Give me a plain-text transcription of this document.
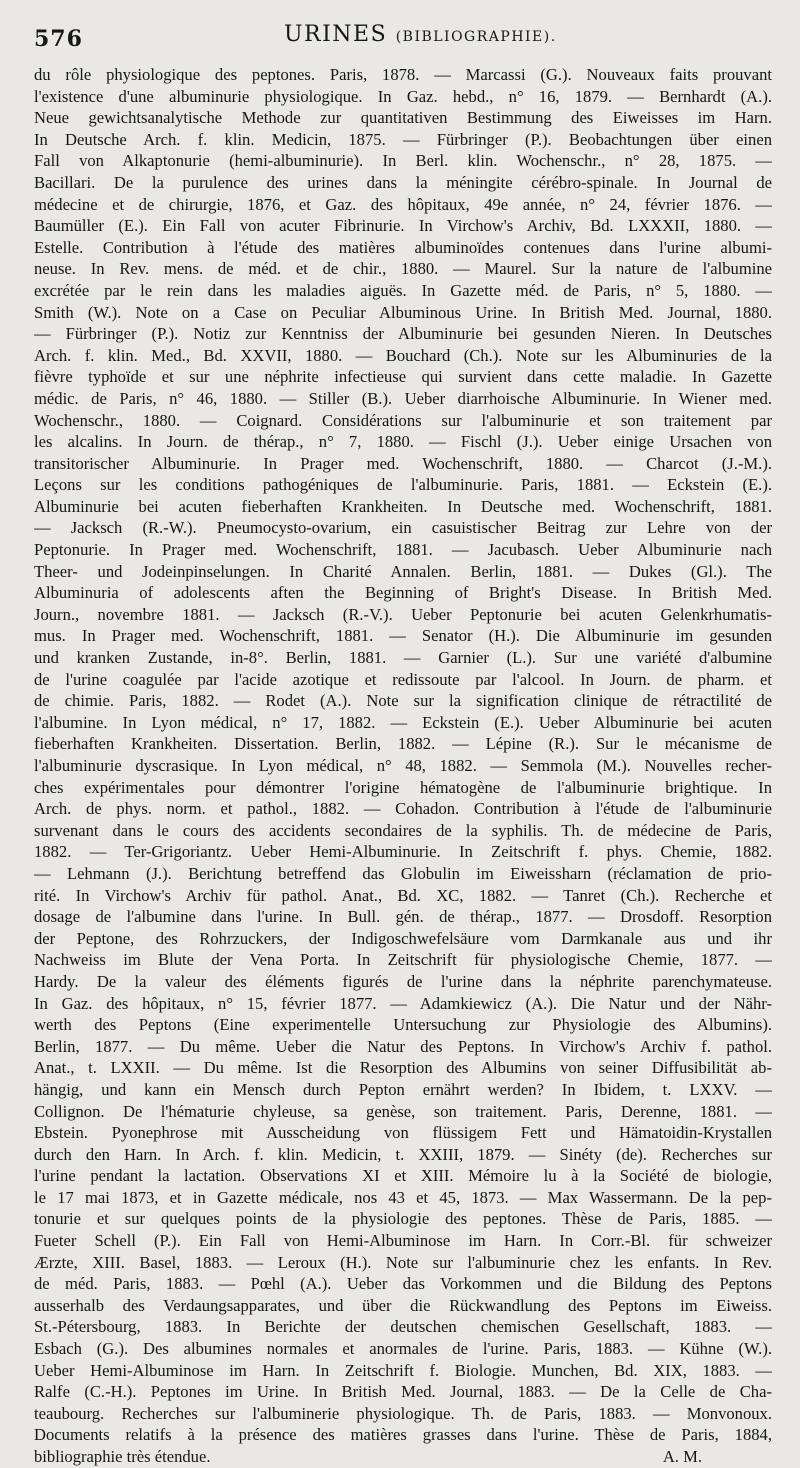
576	URINES (BIBLIOGRAPHIE).
du rôle physiologique des peptones. Paris, 1878. — Marcassi (G.). Nouveaux faits prouvant
l'existence d'une albuminurie physiologique. In Gaz. hebd., n° 16, 1879. — Bernhardt (A.).
Neue gewichtsanalytische Methode zur quantitativen Bestimmung des Eiweisses im Harn.
In Deutsche Arch. f. klin. Medicin, 1875. — Fürbringer (P.). Beobachtungen über einen
Fall von Alkaptonurie (hemi-albuminurie). In Berl. klin. Wochenschr., n° 28, 1875. —
Bacillari. De la purulence des urines dans la méningite cérébro-spinale. In Journal de
médecine et de chirurgie, 1876, et Gaz. des hôpitaux, 49e année, n° 24, février 1876. —
Baumüller (E.). Ein Fall von acuter Fibrinurie. In Virchow's Archiv, Bd. LXXXII, 1880. —
Estelle. Contribution à l'étude des matières albuminoïdes contenues dans l'urine albumi-
neuse. In Rev. mens. de méd. et de chir., 1880. — Maurel. Sur la nature de l'albumine
excrétée par le rein dans les maladies aiguës. In Gazette méd. de Paris, n° 5, 1880. —
Smith (W.). Note on a Case on Peculiar Albuminous Urine. In British Med. Journal, 1880.
— Fürbringer (P.). Notiz zur Kenntniss der Albuminurie bei gesunden Nieren. In Deutsches
Arch. f. klin. Med., Bd. XXVII, 1880. — Bouchard (Ch.). Note sur les Albuminuries de la
fièvre typhoïde et sur une néphrite infectieuse qui survient dans cette maladie. In Gazette
médic. de Paris, n° 46, 1880. — Stiller (B.). Ueber diarrhoische Albuminurie. In Wiener med.
Wochenschr., 1880. — Coignard. Considérations sur l'albuminurie et son traitement par
les alcalins. In Journ. de thérap., n° 7, 1880. — Fischl (J.). Ueber einige Ursachen von
transitorischer Albuminurie. In Prager med. Wochenschrift, 1880. — Charcot (J.-M.).
Leçons sur les conditions pathogéniques de l'albuminurie. Paris, 1881. — Eckstein (E.).
Albuminurie bei acuten fieberhaften Krankheiten. In Deutsche med. Wochenschrift, 1881.
— Jacksch (R.-W.). Pneumocysto-ovarium, ein casuistischer Beitrag zur Lehre von der
Peptonurie. In Prager med. Wochenschrift, 1881. — Jacubasch. Ueber Albuminurie nach
Theer- und Jodeinpinselungen. In Charité Annalen. Berlin, 1881. — Dukes (Gl.). The
Albuminuria of adolescents aften the Beginning of Bright's Disease. In British Med.
Journ., novembre 1881. — Jacksch (R.-V.). Ueber Peptonurie bei acuten Gelenkrhumatis-
mus. In Prager med. Wochenschrift, 1881. — Senator (H.). Die Albuminurie im gesunden
und kranken Zustande, in-8°. Berlin, 1881. — Garnier (L.). Sur une variété d'albumine
de l'urine coagulée par l'acide azotique et redissoute par l'alcool. In Journ. de pharm. et
de chimie. Paris, 1882. — Rodet (A.). Note sur la signification clinique de rétractilité de
l'albumine. In Lyon médical, n° 17, 1882. — Eckstein (E.). Ueber Albuminurie bei acuten
fieberhaften Krankheiten. Dissertation. Berlin, 1882. — Lépine (R.). Sur le mécanisme de
l'albuminurie dyscrasique. In Lyon médical, n° 48, 1882. — Semmola (M.). Nouvelles recher-
ches expérimentales pour démontrer l'origine hématogène de l'albuminurie brightique. In
Arch. de phys. norm. et pathol., 1882. — Cohadon. Contribution à l'étude de l'albuminurie
survenant dans le cours des accidents secondaires de la syphilis. Th. de médecine de Paris,
1882. — Ter-Grigoriantz. Ueber Hemi-Albuminurie. In Zeitschrift f. phys. Chemie, 1882.
— Lehmann (J.). Berichtung betreffend das Globulin im Eiweissharn (réclamation de prio-
rité. In Virchow's Archiv für pathol. Anat., Bd. XC, 1882. — Tanret (Ch.). Recherche et
dosage de l'albumine dans l'urine. In Bull. gén. de thérap., 1877. — Drosdoff. Resorption
der Peptone, des Rohrzuckers, der Indigoschwefelsäure vom Darmkanale aus und ihr
Nachweiss im Blute der Vena Porta. In Zeitschrift für physiologische Chemie, 1877. —
Hardy. De la valeur des éléments figurés de l'urine dans la néphrite parenchymateuse.
In Gaz. des hôpitaux, n° 15, février 1877. — Adamkiewicz (A.). Die Natur und der Nähr-
werth des Peptons (Eine experimentelle Untersuchung zur Physiologie des Albumins).
Berlin, 1877. — Du même. Ueber die Natur des Peptons. In Virchow's Archiv f. pathol.
Anat., t. LXXII. — Du même. Ist die Resorption des Albumins von seiner Diffusibilität ab-
hängig, und kann ein Mensch durch Pepton ernährt werden? In Ibidem, t. LXXV. —
Collignon. De l'hématurie chyleuse, sa genèse, son traitement. Paris, Derenne, 1881. —
Ebstein. Pyonephrose mit Ausscheidung von flüssigem Fett und Hämatoidin-Krystallen
durch den Harn. In Arch. f. klin. Medicin, t. XXIII, 1879. — Sinéty (de). Recherches sur
l'urine pendant la lactation. Observations XI et XIII. Mémoire lu à la Société de biologie,
le 17 mai 1873, et in Gazette médicale, nos 43 et 45, 1873. — Max Wassermann. De la pep-
tonurie et sur quelques points de la physiologie des peptones. Thèse de Paris, 1885. —
Fueter Schell (P.). Ein Fall von Hemi-Albuminose im Harn. In Corr.-Bl. für schweizer
Ærzte, XIII. Basel, 1883. — Leroux (H.). Note sur l'albuminurie chez les enfants. In Rev.
de méd. Paris, 1883. — Pœhl (A.). Ueber das Vorkommen und die Bildung des Peptons
ausserhalb des Verdaungsapparates, und über die Rückwandlung des Peptons im Eiweiss.
St.-Pétersbourg, 1883. In Berichte der deutschen chemischen Gesellschaft, 1883. —
Esbach (G.). Des albumines normales et anormales de l'urine. Paris, 1883. — Kühne (W.).
Ueber Hemi-Albuminose im Harn. In Zeitschrift f. Biologie. Munchen, Bd. XIX, 1883. —
Ralfe (C.-H.). Peptones im Urine. In British Med. Journal, 1883. — De la Celle de Cha-
teaubourg. Recherches sur l'albuminerie physiologique. Th. de Paris, 1883. — Monvonoux.
Documents relatifs à la présence des matières grasses dans l'urine. Thèse de Paris, 1884,
bibliographie très étendue.	A. M.
